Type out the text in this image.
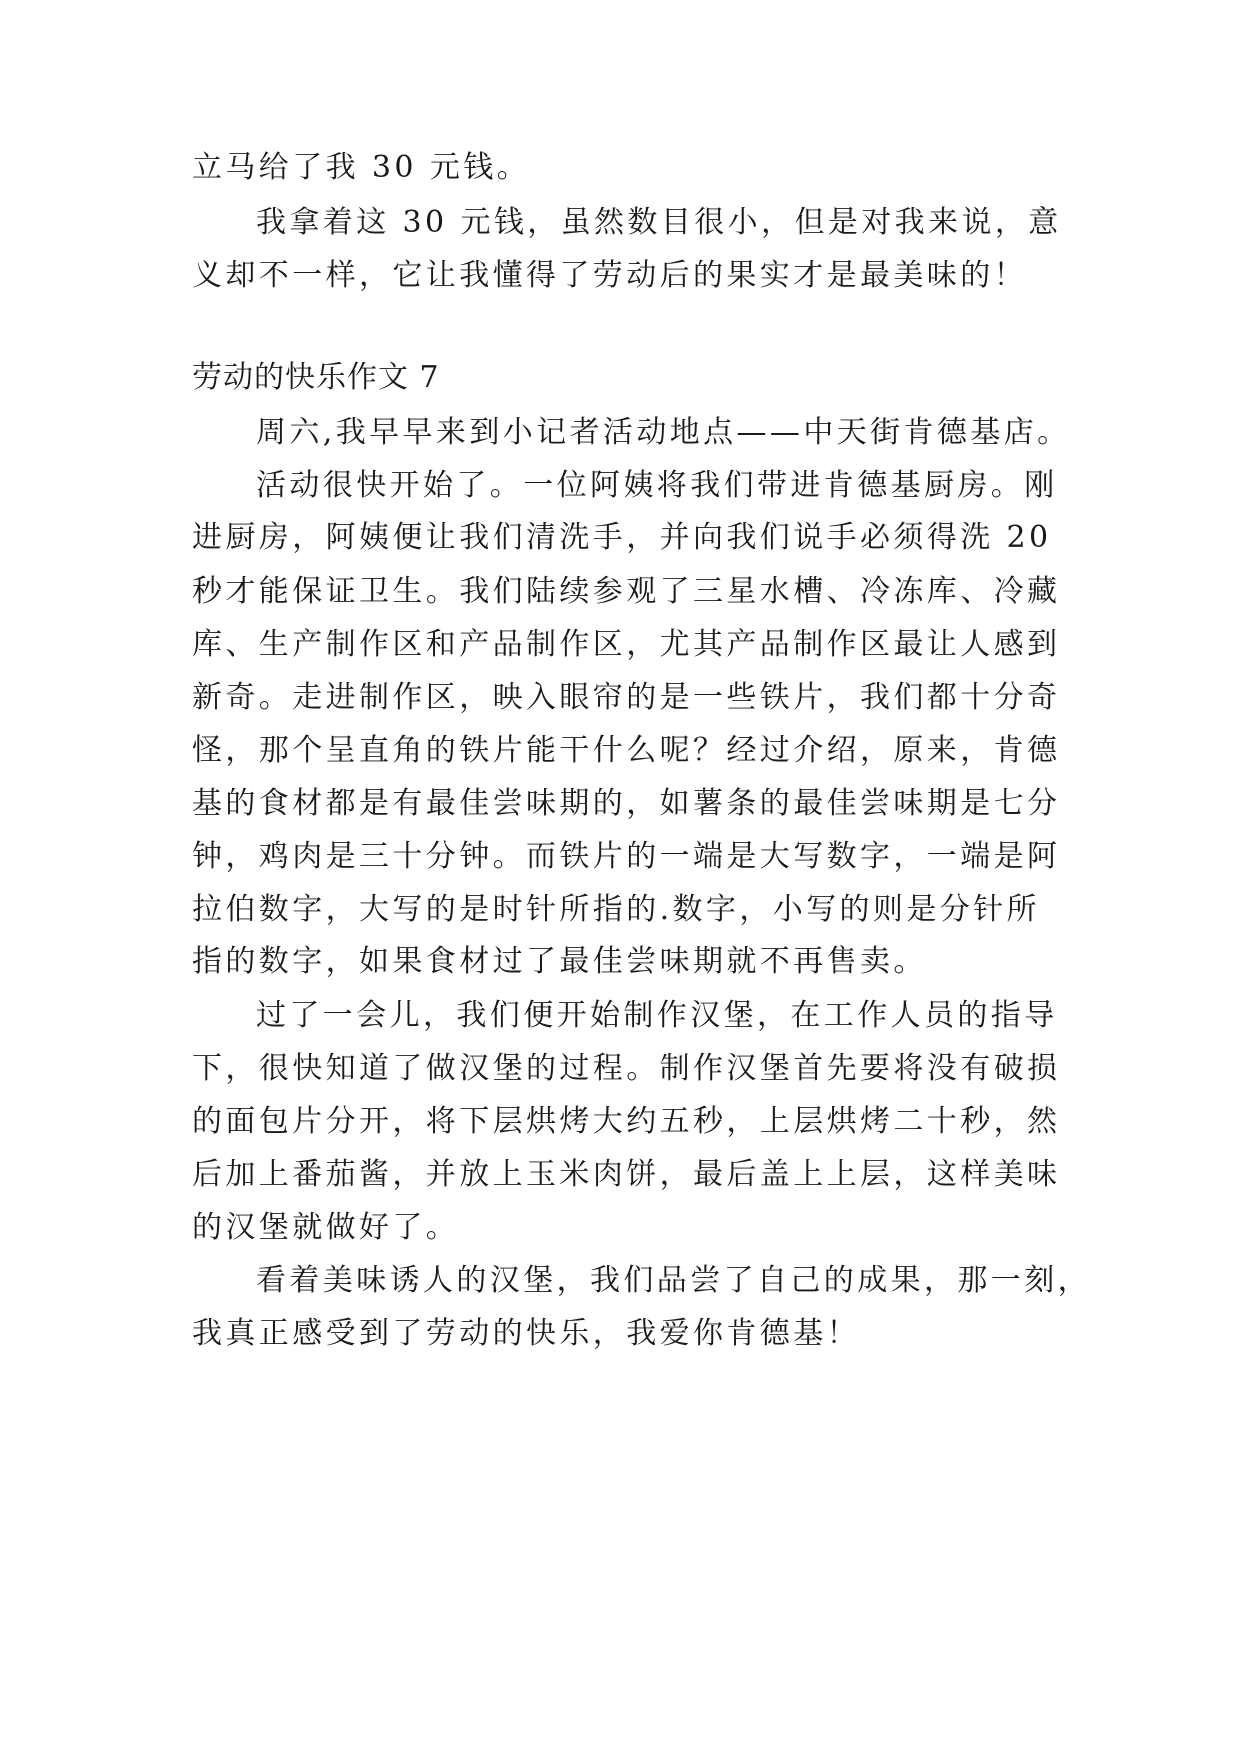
立马给了我 30 元钱。
我拿着这 30 元钱，虽然数目很小，但是对我来说，意
义却不一样，它让我懂得了劳动后的果实才是最美味的！
劳动的快乐作文 7
周六,我早早来到小记者活动地点——中天街肯德基店。
活动很快开始了。一位阿姨将我们带进肯德基厨房。刚
进厨房，阿姨便让我们清洗手，并向我们说手必须得洗 20
秒才能保证卫生。我们陆续参观了三星水槽、冷冻库、冷藏
库、生产制作区和产品制作区，尤其产品制作区最让人感到
新奇。走进制作区，映入眼帘的是一些铁片，我们都十分奇
怪，那个呈直角的铁片能干什么呢？经过介绍，原来，肯德
基的食材都是有最佳尝味期的，如薯条的最佳尝味期是七分
钟，鸡肉是三十分钟。而铁片的一端是大写数字，一端是阿
拉伯数字，大写的是时针所指的.数字，小写的则是分针所
指的数字，如果食材过了最佳尝味期就不再售卖。
过了一会儿，我们便开始制作汉堡，在工作人员的指导
下，很快知道了做汉堡的过程。制作汉堡首先要将没有破损
的面包片分开，将下层烘烤大约五秒，上层烘烤二十秒，然
后加上番茄酱，并放上玉米肉饼，最后盖上上层，这样美味
的汉堡就做好了。
看着美味诱人的汉堡，我们品尝了自己的成果，那一刻，
我真正感受到了劳动的快乐，我爱你肯德基！
